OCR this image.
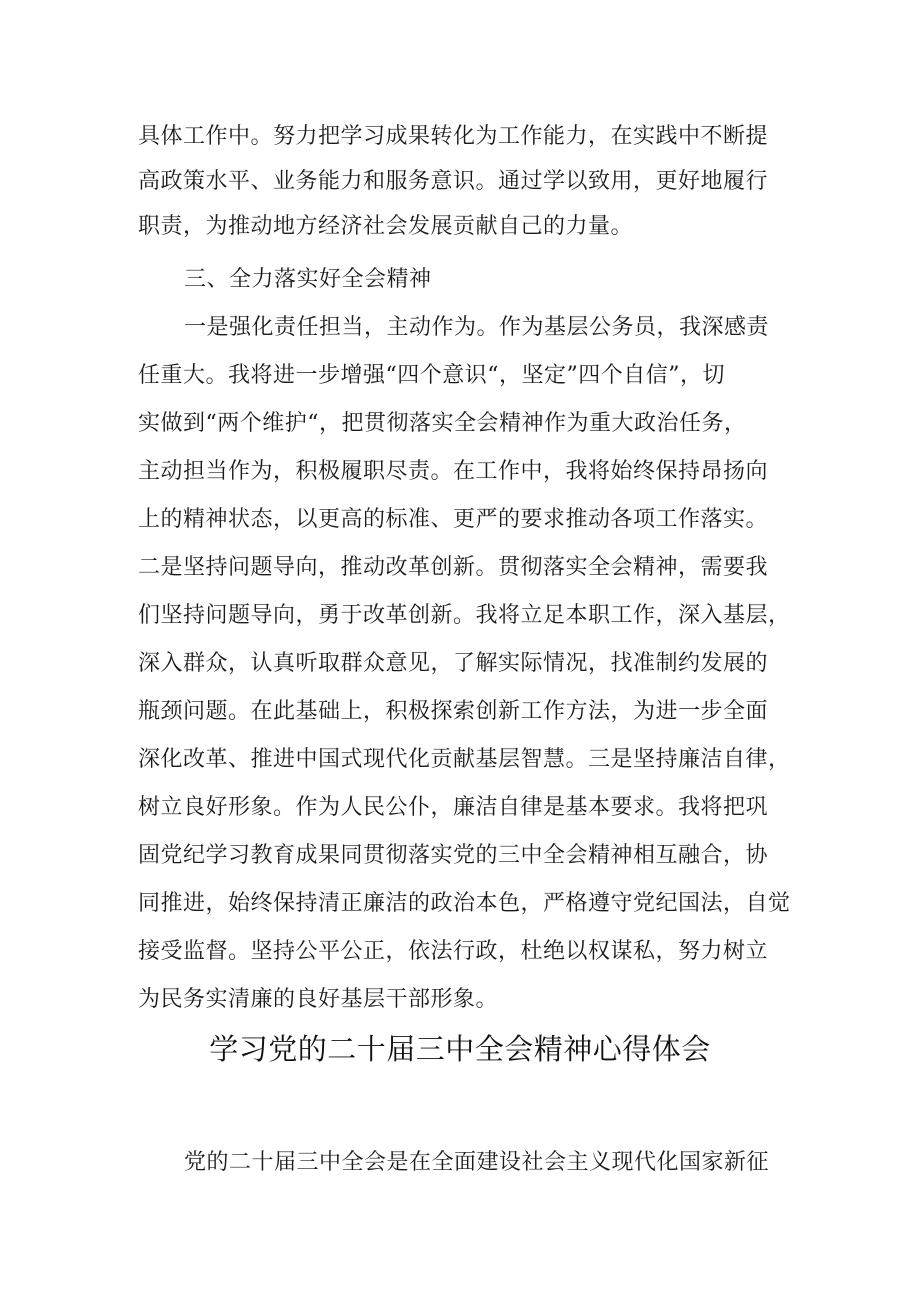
具体工作中。努力把学习成果转化为工作能力，在实践中不断提
高政策水平、业务能力和服务意识。通过学以致用，更好地履行
职责，为推动地方经济社会发展贡献自己的力量。
三、全力落实好全会精神
一是强化责任担当，主动作为。作为基层公务员，我深感责
任重大。我将进一步增强“四个意识“，坚定”四个自信”，切
实做到“两个维护“，把贯彻落实全会精神作为重大政治任务，
主动担当作为，积极履职尽责。在工作中，我将始终保持昂扬向
上的精神状态，以更高的标准、更严的要求推动各项工作落实。
二是坚持问题导向，推动改革创新。贯彻落实全会精神，需要我
们坚持问题导向，勇于改革创新。我将立足本职工作，深入基层，
深入群众，认真听取群众意见，了解实际情况，找准制约发展的
瓶颈问题。在此基础上，积极探索创新工作方法，为进一步全面
深化改革、推进中国式现代化贡献基层智慧。三是坚持廉洁自律，
树立良好形象。作为人民公仆，廉洁自律是基本要求。我将把巩
固党纪学习教育成果同贯彻落实党的三中全会精神相互融合，协
同推进，始终保持清正廉洁的政治本色，严格遵守党纪国法，自觉
接受监督。坚持公平公正，依法行政，杜绝以权谋私，努力树立
为民务实清廉的良好基层干部形象。
学习党的二十届三中全会精神心得体会
党的二十届三中全会是在全面建设社会主义现代化国家新征
